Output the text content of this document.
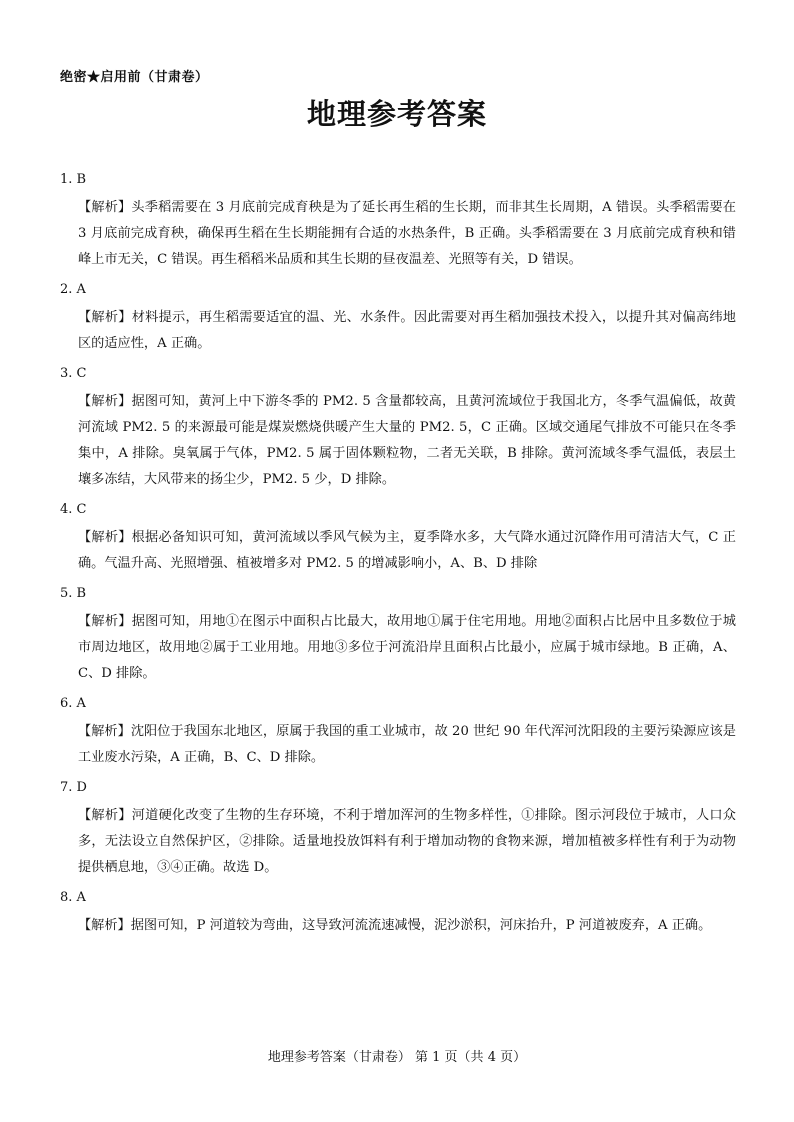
绝密★启用前（甘肃卷）
地理参考答案
1. B
【解析】头季稻需要在 3 月底前完成育秧是为了延长再生稻的生长期，而非其生长周期，A 错误。头季稻需要在 3 月底前完成育秧，确保再生稻在生长期能拥有合适的水热条件，B 正确。头季稻需要在 3 月底前完成育秧和错峰上市无关，C 错误。再生稻稻米品质和其生长期的昼夜温差、光照等有关，D 错误。
2. A
【解析】材料提示，再生稻需要适宜的温、光、水条件。因此需要对再生稻加强技术投入，以提升其对偏高纬地区的适应性，A 正确。
3. C
【解析】据图可知，黄河上中下游冬季的 PM2. 5 含量都较高，且黄河流域位于我国北方，冬季气温偏低，故黄河流域 PM2. 5 的来源最可能是煤炭燃烧供暖产生大量的 PM2. 5，C 正确。区域交通尾气排放不可能只在冬季集中，A 排除。臭氧属于气体，PM2. 5 属于固体颗粒物，二者无关联，B 排除。黄河流域冬季气温低，表层土壤多冻结，大风带来的扬尘少，PM2. 5 少，D 排除。
4. C
【解析】根据必备知识可知，黄河流域以季风气候为主，夏季降水多，大气降水通过沉降作用可清洁大气，C 正确。气温升高、光照增强、植被增多对 PM2. 5 的增减影响小，A、B、D 排除
5. B
【解析】据图可知，用地①在图示中面积占比最大，故用地①属于住宅用地。用地②面积占比居中且多数位于城市周边地区，故用地②属于工业用地。用地③多位于河流沿岸且面积占比最小，应属于城市绿地。B 正确，A、C、D 排除。
6. A
【解析】沈阳位于我国东北地区，原属于我国的重工业城市，故 20 世纪 90 年代浑河沈阳段的主要污染源应该是工业废水污染，A 正确，B、C、D 排除。
7. D
【解析】河道硬化改变了生物的生存环境，不利于增加浑河的生物多样性，①排除。图示河段位于城市，人口众多，无法设立自然保护区，②排除。适量地投放饵料有利于增加动物的食物来源，增加植被多样性有利于为动物提供栖息地，③④正确。故选 D。
8. A
【解析】据图可知，P 河道较为弯曲，这导致河流流速减慢，泥沙淤积，河床抬升，P 河道被废弃，A 正确。
地理参考答案（甘肃卷） 第 1 页（共 4 页）
